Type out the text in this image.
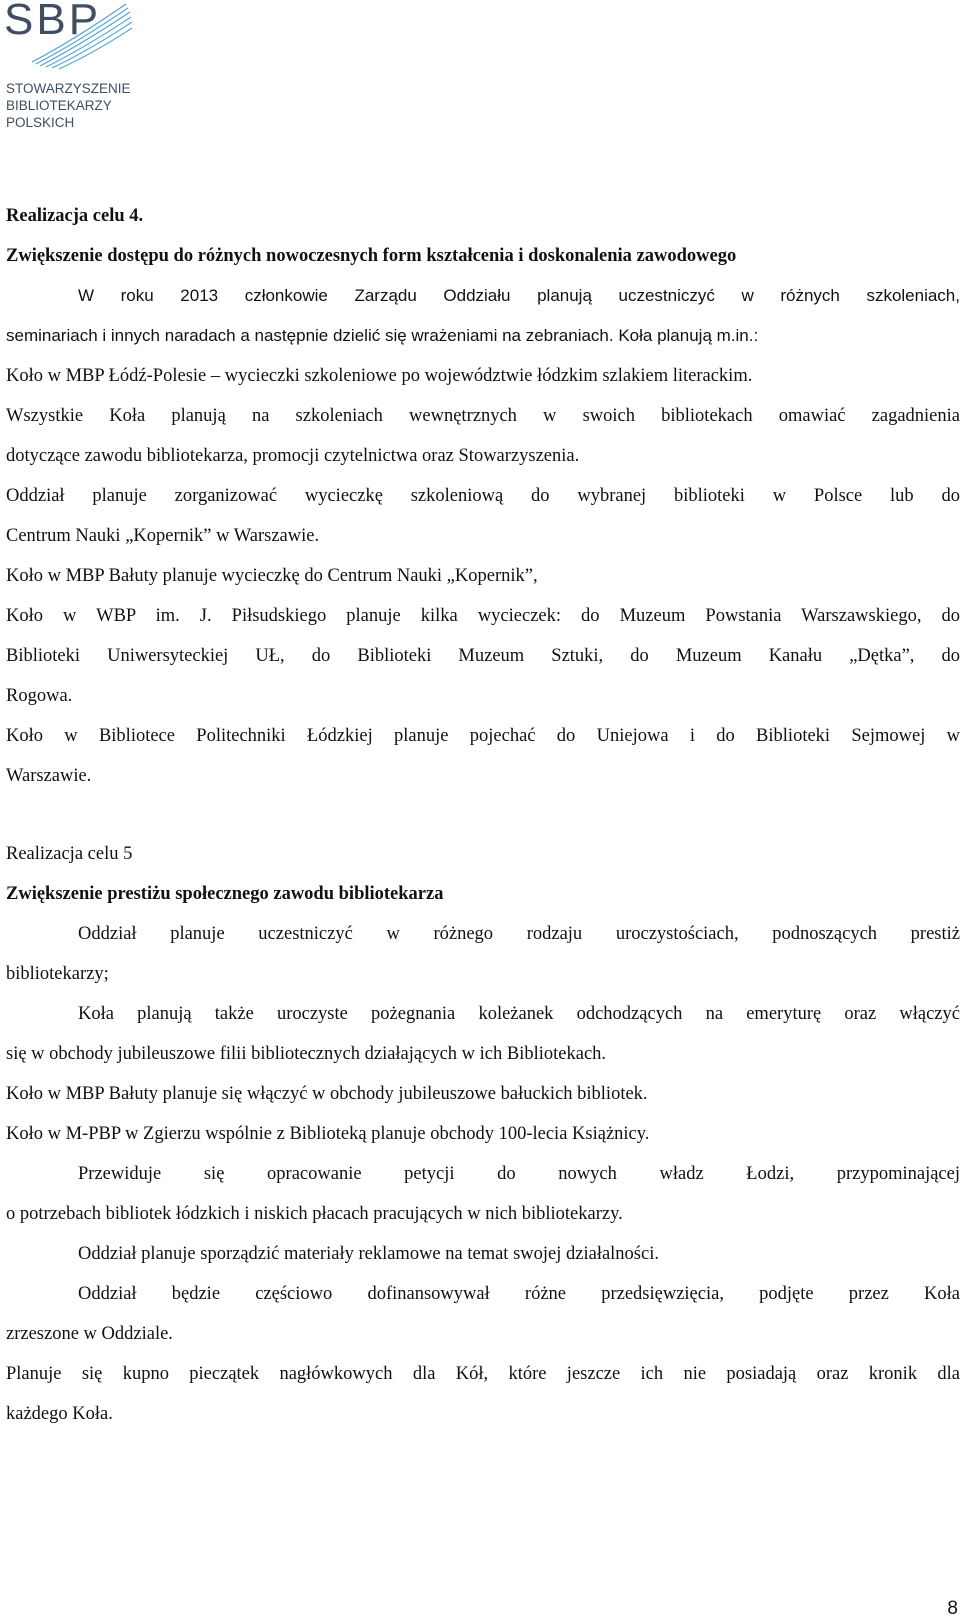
SBP
STOWARZYSZENIE
BIBLIOTEKARZY
POLSKICH
Realizacja celu 4.
Zwiększenie dostępu do różnych nowoczesnych form kształcenia i doskonalenia zawodowego
W roku 2013 członkowie Zarządu Oddziału planują uczestniczyć w różnych szkoleniach,
seminariach i innych naradach a następnie dzielić się wrażeniami na zebraniach. Koła planują m.in.:
Koło w MBP Łódź-Polesie – wycieczki szkoleniowe po województwie łódzkim szlakiem literackim.
Wszystkie Koła planują na szkoleniach wewnętrznych w swoich bibliotekach omawiać zagadnienia
dotyczące zawodu bibliotekarza, promocji czytelnictwa oraz Stowarzyszenia.
Oddział planuje zorganizować wycieczkę szkoleniową do wybranej biblioteki w Polsce lub do
Centrum Nauki „Kopernik” w Warszawie.
Koło w MBP Bałuty planuje wycieczkę do Centrum Nauki „Kopernik”,
Koło w WBP im. J. Piłsudskiego planuje kilka wycieczek: do Muzeum Powstania Warszawskiego, do
Biblioteki Uniwersyteckiej UŁ, do Biblioteki Muzeum Sztuki, do Muzeum Kanału „Dętka”, do
Rogowa.
Koło w Bibliotece Politechniki Łódzkiej planuje pojechać do Uniejowa i do Biblioteki Sejmowej w
Warszawie.
Realizacja celu 5
Zwiększenie prestiżu społecznego zawodu bibliotekarza
Oddział planuje uczestniczyć w różnego rodzaju uroczystościach, podnoszących prestiż
bibliotekarzy;
Koła planują także uroczyste pożegnania koleżanek odchodzących na emeryturę oraz włączyć
się w obchody jubileuszowe filii bibliotecznych działających w ich Bibliotekach.
Koło w MBP Bałuty planuje się włączyć w obchody jubileuszowe bałuckich bibliotek.
Koło w M-PBP w Zgierzu wspólnie z Biblioteką planuje obchody 100-lecia Książnicy.
Przewiduje się opracowanie petycji do nowych władz Łodzi, przypominającej
o potrzebach bibliotek łódzkich i niskich płacach pracujących w nich bibliotekarzy.
Oddział planuje sporządzić materiały reklamowe na temat swojej działalności.
Oddział będzie częściowo dofinansowywał różne przedsięwzięcia, podjęte przez Koła
zrzeszone w Oddziale.
Planuje się kupno pieczątek nagłówkowych dla Kół, które jeszcze ich nie posiadają oraz kronik dla
każdego Koła.
8
